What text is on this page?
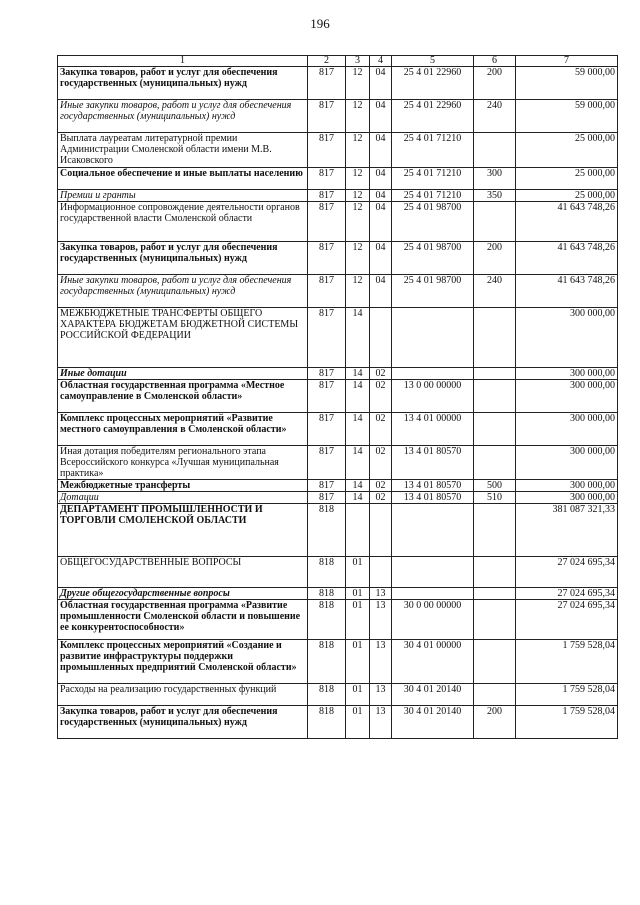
196
1	2	3	4	5	6	7
Закупка товаров, работ и услуг для обеспечения государственных (муниципальных) нужд	817	12	04	25 4 01 22960	200	59 000,00
Иные закупки товаров, работ и услуг для обеспечения государственных (муниципальных) нужд	817	12	04	25 4 01 22960	240	59 000,00
Выплата лауреатам литературной премии Администрации Смоленской области имени М.В. Исаковского	817	12	04	25 4 01 71210		25 000,00
Социальное обеспечение и иные выплаты населению	817	12	04	25 4 01 71210	300	25 000,00
Премии и гранты	817	12	04	25 4 01 71210	350	25 000,00
Информационное сопровождение деятельности органов государственной власти Смоленской области	817	12	04	25 4 01 98700		41 643 748,26
Закупка товаров, работ и услуг для обеспечения государственных (муниципальных) нужд	817	12	04	25 4 01 98700	200	41 643 748,26
Иные закупки товаров, работ и услуг для обеспечения государственных (муниципальных) нужд	817	12	04	25 4 01 98700	240	41 643 748,26
МЕЖБЮДЖЕТНЫЕ ТРАНСФЕРТЫ ОБЩЕГО ХАРАКТЕРА БЮДЖЕТАМ БЮДЖЕТНОЙ СИСТЕМЫ РОССИЙСКОЙ ФЕДЕРАЦИИ	817	14				300 000,00
Иные дотации	817	14	02			300 000,00
Областная государственная программа «Местное самоуправление в Смоленской области»	817	14	02	13 0 00 00000		300 000,00
Комплекс процессных мероприятий «Развитие местного самоуправления в Смоленской области»	817	14	02	13 4 01 00000		300 000,00
Иная дотация победителям регионального этапа Всероссийского конкурса «Лучшая муниципальная практика»	817	14	02	13 4 01 80570		300 000,00
Межбюджетные трансферты	817	14	02	13 4 01 80570	500	300 000,00
Дотации	817	14	02	13 4 01 80570	510	300 000,00
ДЕПАРТАМЕНТ ПРОМЫШЛЕННОСТИ И ТОРГОВЛИ СМОЛЕНСКОЙ ОБЛАСТИ	818					381 087 321,33
ОБЩЕГОСУДАРСТВЕННЫЕ ВОПРОСЫ	818	01				27 024 695,34
Другие общегосударственные вопросы	818	01	13			27 024 695,34
Областная государственная программа «Развитие промышленности Смоленской области и повышение ее конкурентоспособности»	818	01	13	30 0 00 00000		27 024 695,34
Комплекс процессных мероприятий «Создание и развитие инфраструктуры поддержки промышленных предприятий Смоленской области»	818	01	13	30 4 01 00000		1 759 528,04
Расходы на реализацию государственных функций	818	01	13	30 4 01 20140		1 759 528,04
Закупка товаров, работ и услуг для обеспечения государственных (муниципальных) нужд	818	01	13	30 4 01 20140	200	1 759 528,04
